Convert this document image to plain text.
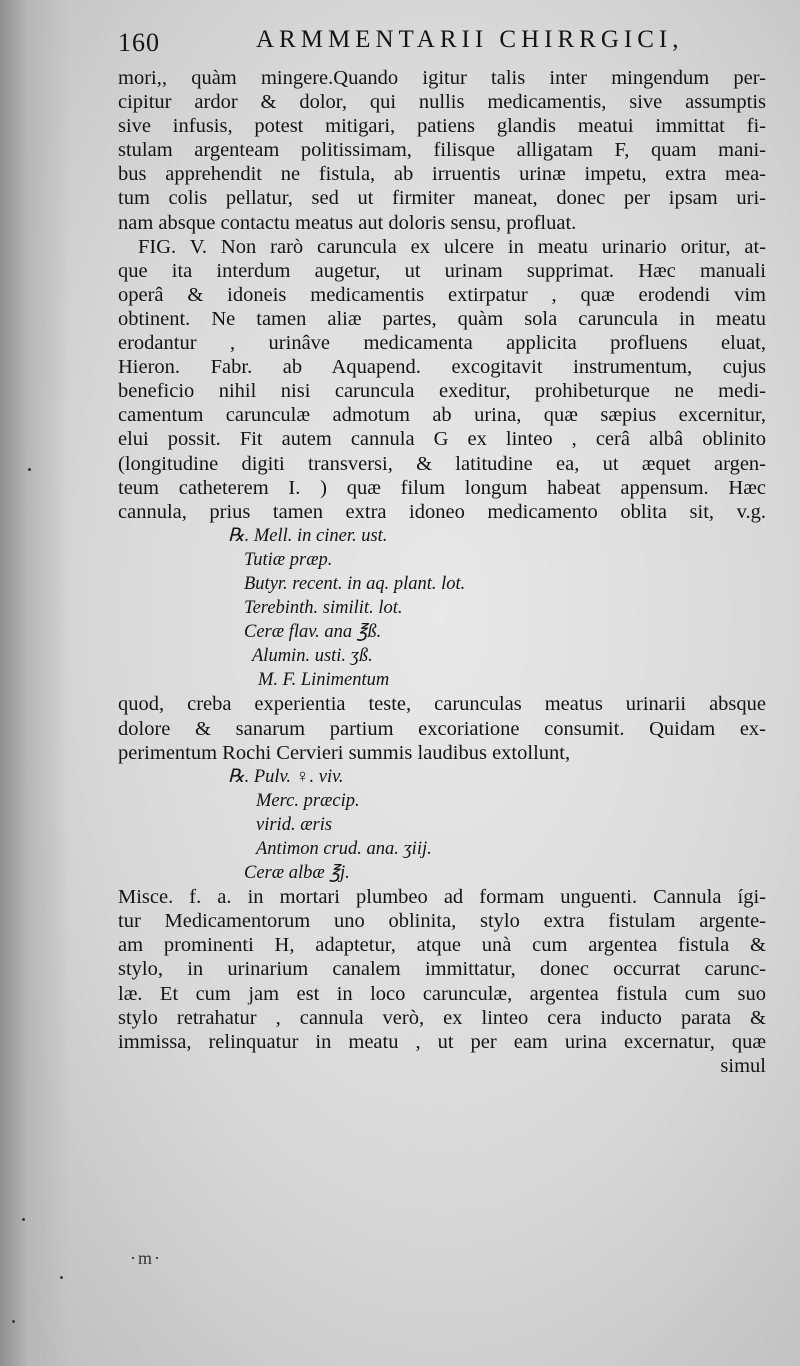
160	ARMMENTARII CHIRRGICI,
mori,, quàm mingere.Quando igitur talis inter mingendum per-
cipitur ardor & dolor, qui nullis medicamentis, sive assumptis
sive infusis, potest mitigari, patiens glandis meatui immittat fi-
stulam argenteam politissimam, filisque alligatam F, quam mani-
bus apprehendit ne fistula, ab irruentis urinæ impetu, extra mea-
tum colis pellatur, sed ut firmiter maneat, donec per ipsam uri-
nam absque contactu meatus aut doloris sensu, profluat.
FIG. V. Non rarò caruncula ex ulcere in meatu urinario oritur, at-
que ita interdum augetur, ut urinam supprimat. Hæc manuali
operâ & idoneis medicamentis extirpatur , quæ erodendi vim
obtinent. Ne tamen aliæ partes, quàm sola caruncula in meatu
erodantur , urinâve medicamenta applicita profluens eluat,
Hieron. Fabr. ab Aquapend. excogitavit instrumentum, cujus
beneficio nihil nisi caruncula exeditur, prohibeturque ne medi-
camentum carunculæ admotum ab urina, quæ sæpius excernitur,
elui possit. Fit autem cannula G ex linteo , cerâ albâ oblinito
(longitudine digiti transversi, & latitudine ea, ut æquet argen-
teum catheterem I. ) quæ filum longum habeat appensum. Hæc
cannula, prius tamen extra idoneo medicamento oblita sit, v.g.
℞. Mell. in ciner. ust.
Tutiæ præp.
Butyr. recent. in aq. plant. lot.
Terebinth. similit. lot.
Ceræ flav. ana ℥ß.
Alumin. usti. ʒß.
M. F. Linimentum
quod, creba experientia teste, carunculas meatus urinarii absque
dolore & sanarum partium excoriatione consumit. Quidam ex-
perimentum Rochi Cervieri summis laudibus extollunt,
℞. Pulv. ♀. viv.
Merc. præcip.
virid. æris
Antimon crud. ana. ʒiij.
Ceræ albæ ℥j.
Misce. f. a. in mortari plumbeo ad formam unguenti. Cannula ígi-
tur Medicamentorum uno oblinita, stylo extra fistulam argente-
am prominenti H, adaptetur, atque unà cum argentea fistula &
stylo, in urinarium canalem immittatur, donec occurrat carunc-
læ. Et cum jam est in loco carunculæ, argentea fistula cum suo
stylo retrahatur , cannula verò, ex linteo cera inducto parata &
immissa, relinquatur in meatu , ut per eam urina excernatur, quæ
simul
·m·
